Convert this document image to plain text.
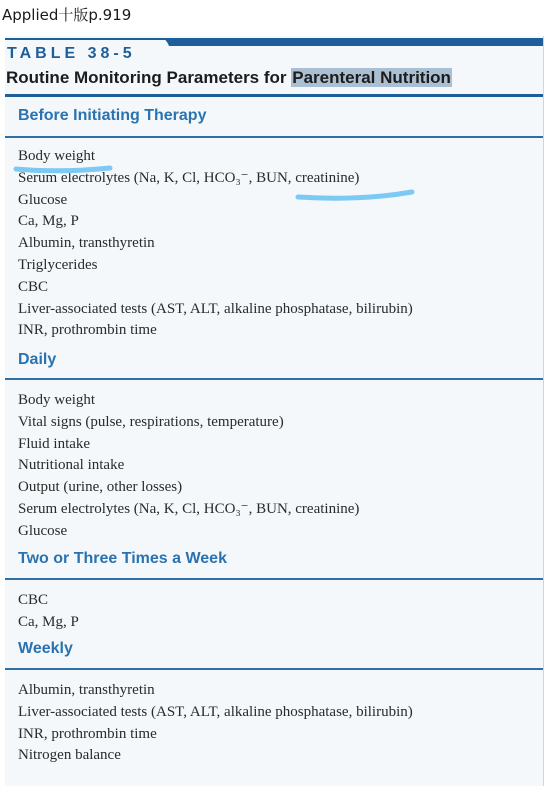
Applied十版p.919
TABLE 38-5
Routine Monitoring Parameters for Parenteral Nutrition
Before Initiating Therapy
Body weight
Serum electrolytes (Na, K, Cl, HCO₃⁻, BUN, creatinine)
Glucose
Ca, Mg, P
Albumin, transthyretin
Triglycerides
CBC
Liver-associated tests (AST, ALT, alkaline phosphatase, bilirubin)
INR, prothrombin time
Daily
Body weight
Vital signs (pulse, respirations, temperature)
Fluid intake
Nutritional intake
Output (urine, other losses)
Serum electrolytes (Na, K, Cl, HCO₃⁻, BUN, creatinine)
Glucose
Two or Three Times a Week
CBC
Ca, Mg, P
Weekly
Albumin, transthyretin
Liver-associated tests (AST, ALT, alkaline phosphatase, bilirubin)
INR, prothrombin time
Nitrogen balance
